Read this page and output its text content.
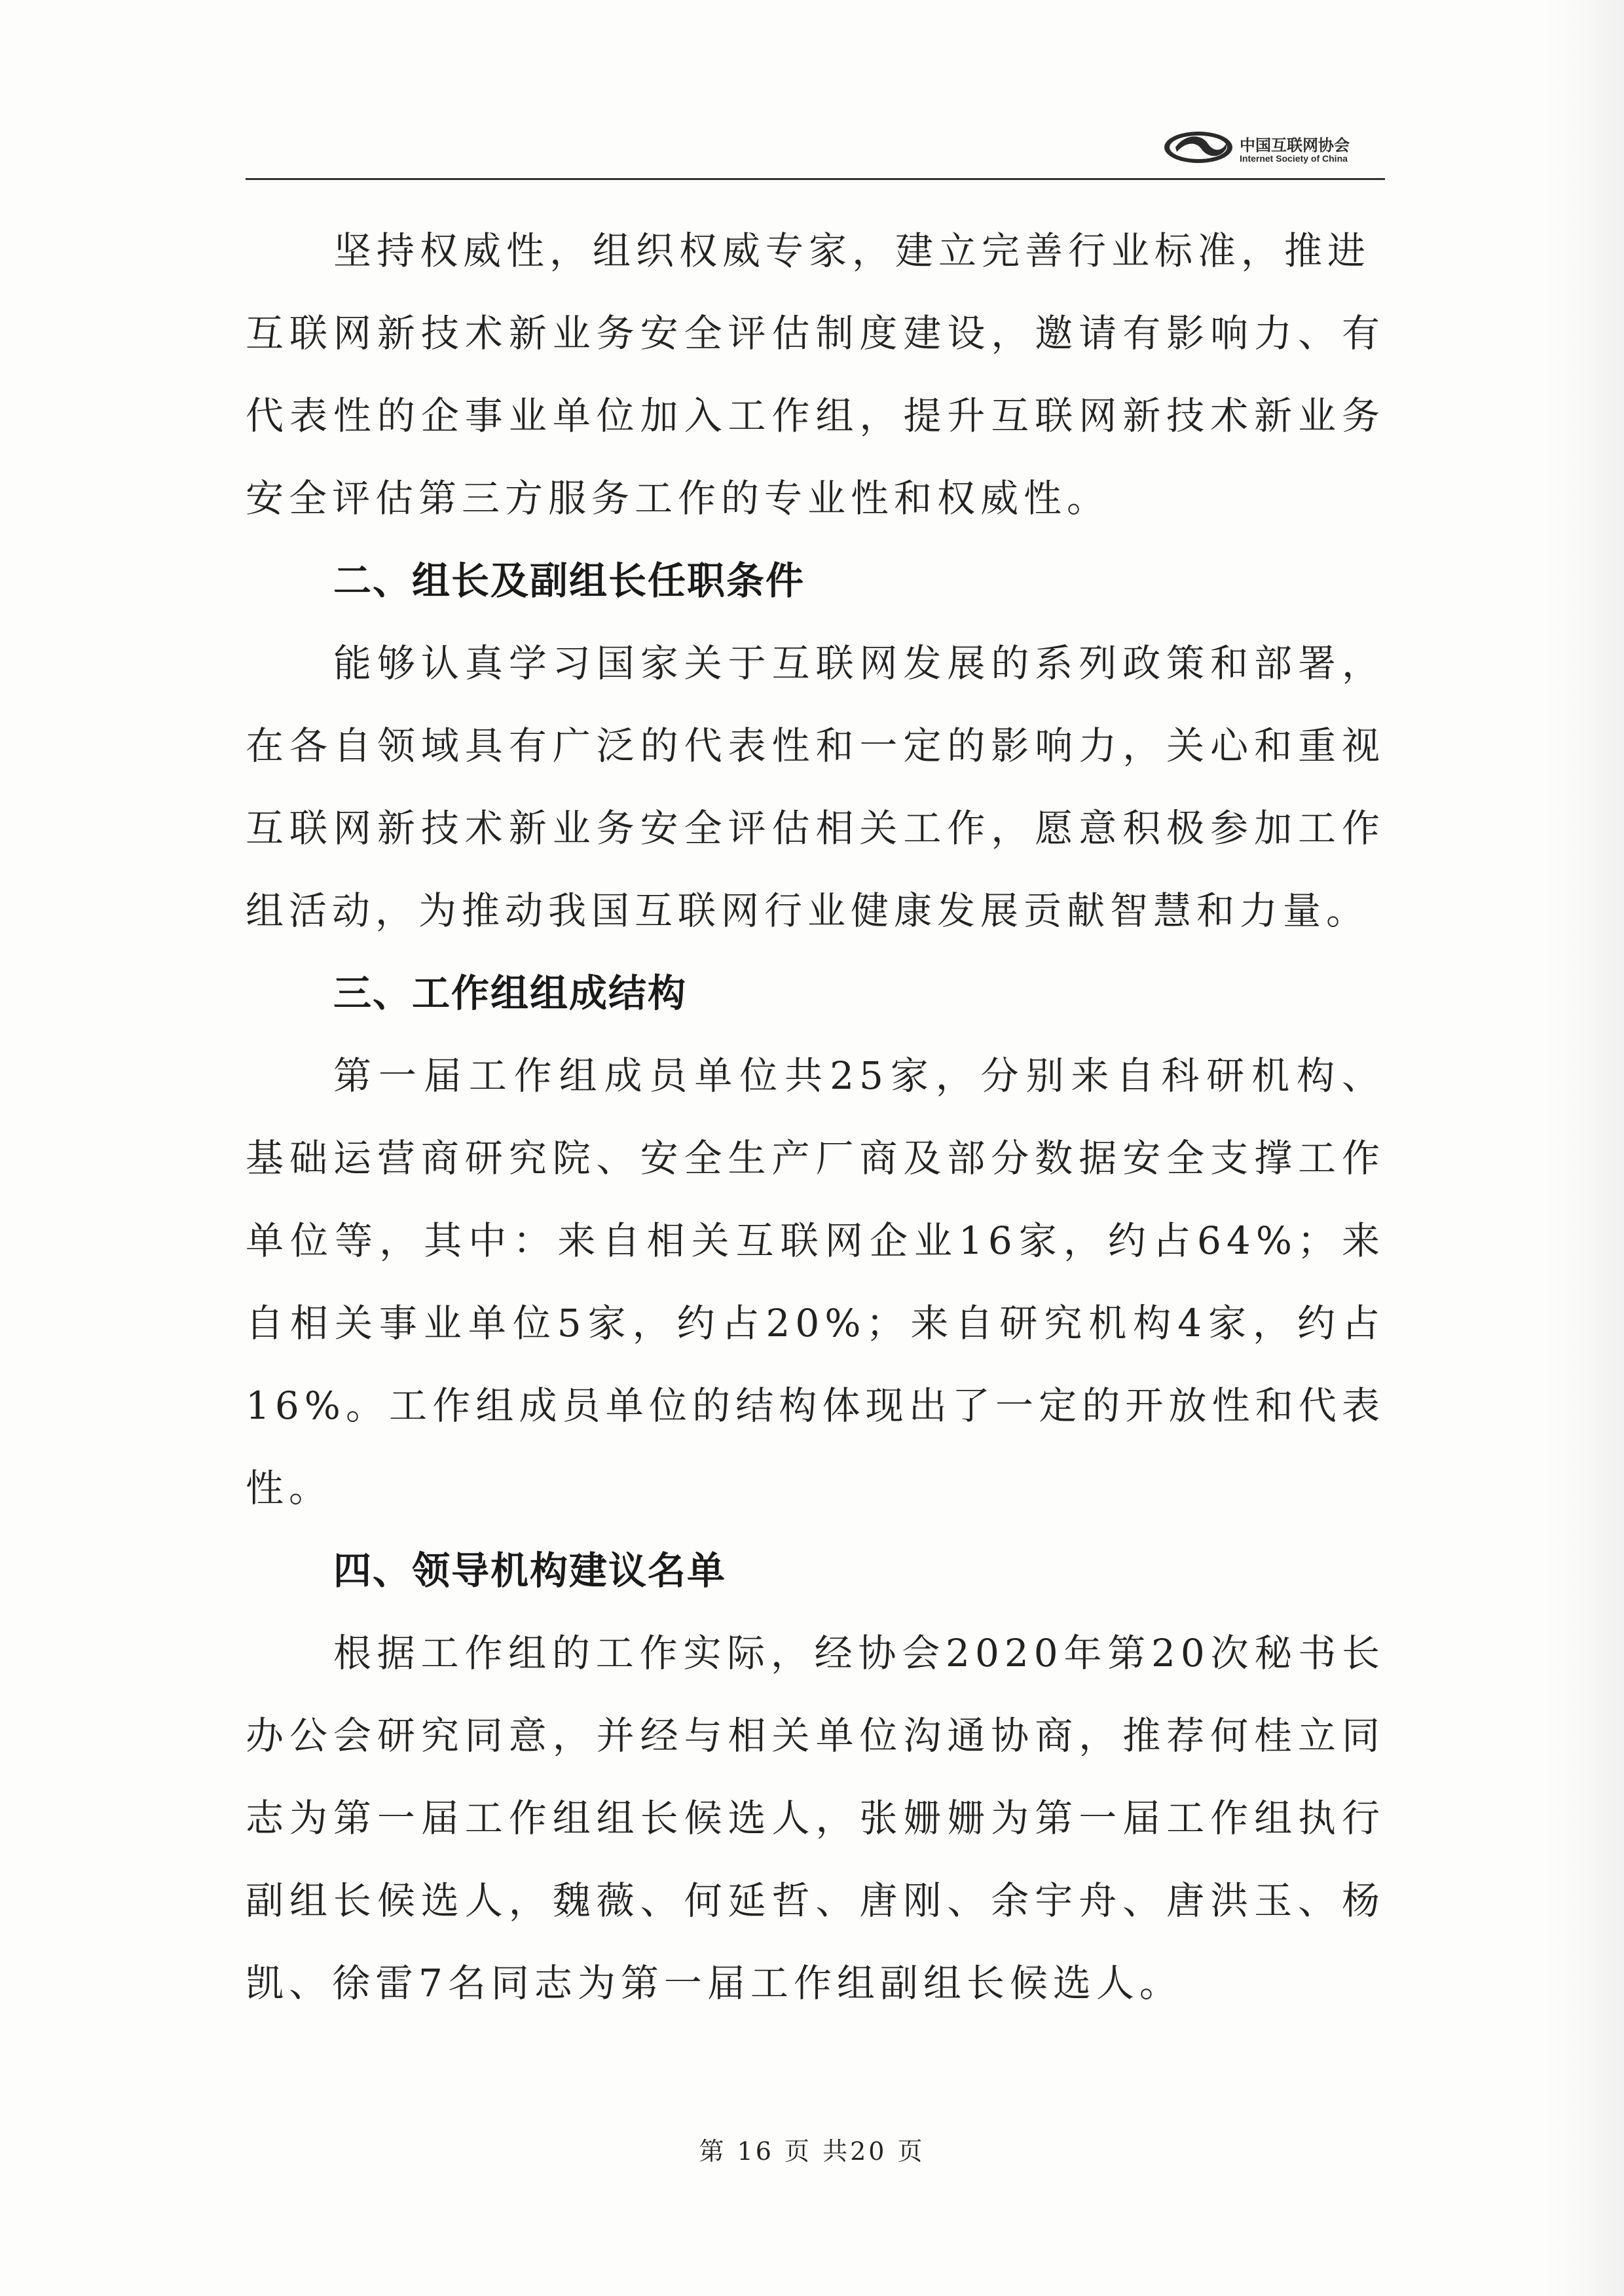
中国互联网协会
Internet Society of China

坚持权威性，组织权威专家，建立完善行业标准，推进

互联网新技术新业务安全评估制度建设，邀请有影响力、有代表性的企事业单位加入工作组，提升互联网新技术新业务安全评估第三方服务工作的专业性和权威性。

二、组长及副组长任职条件

能够认真学习国家关于互联网发展的系列政策和部署，在各自领域具有广泛的代表性和一定的影响力，关心和重视互联网新技术新业务安全评估相关工作，愿意积极参加工作组活动，为推动我国互联网行业健康发展贡献智慧和力量。

三、工作组组成结构

第一届工作组成员单位共25家，分别来自科研机构、基础运营商研究院、安全生产厂商及部分数据安全支撑工作单位等，其中：来自相关互联网企业16家，约占64%；来自相关事业单位5家，约占20%；来自研究机构4家，约占16%。工作组成员单位的结构体现出了一定的开放性和代表性。

四、领导机构建议名单

根据工作组的工作实际，经协会2020年第20次秘书长办公会研究同意，并经与相关单位沟通协商，推荐何桂立同志为第一届工作组组长候选人，张姗姗为第一届工作组执行副组长候选人，魏薇、何延哲、唐刚、余宇舟、唐洪玉、杨凯、徐雷7名同志为第一届工作组副组长候选人。

第 16 页 共20 页
